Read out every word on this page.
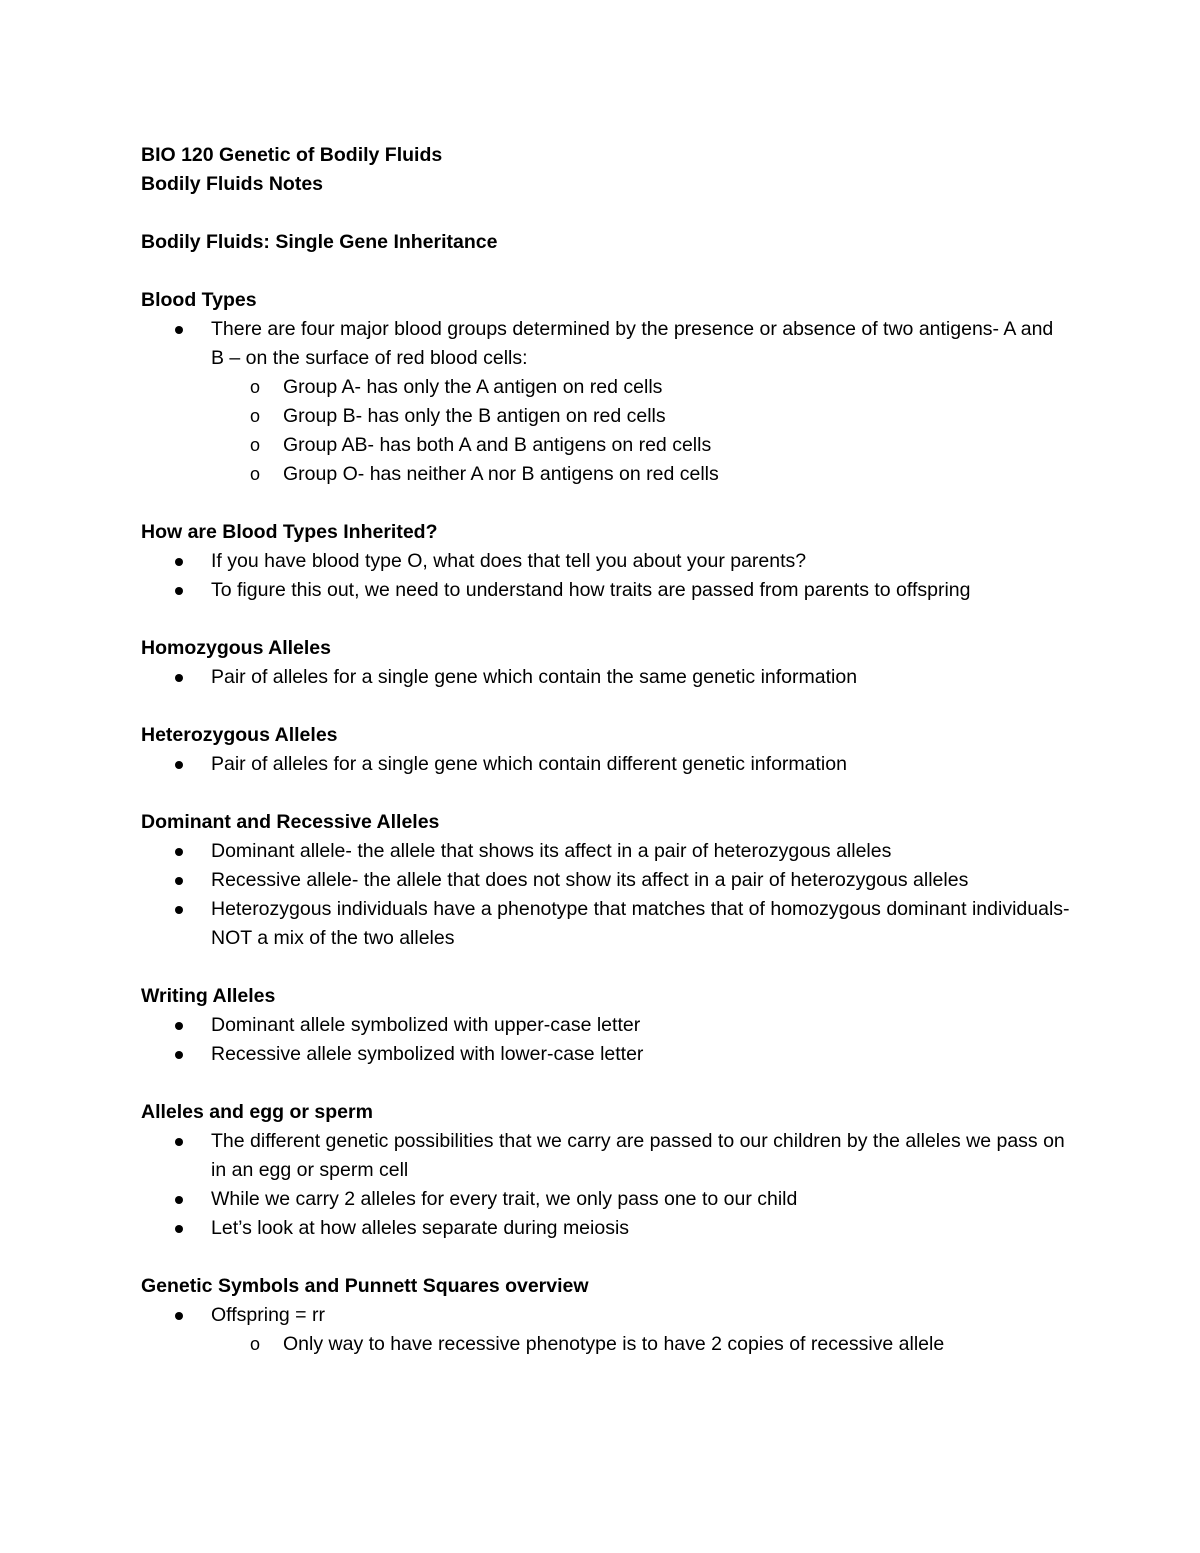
BIO 120 Genetic of Bodily Fluids
Bodily Fluids Notes
Bodily Fluids: Single Gene Inheritance
Blood Types
There are four major blood groups determined by the presence or absence of two antigens- A and B – on the surface of red blood cells:
o Group A- has only the A antigen on red cells
o Group B- has only the B antigen on red cells
o Group AB- has both A and B antigens on red cells
o Group O- has neither A nor B antigens on red cells
How are Blood Types Inherited?
If you have blood type O, what does that tell you about your parents?
To figure this out, we need to understand how traits are passed from parents to offspring
Homozygous Alleles
Pair of alleles for a single gene which contain the same genetic information
Heterozygous Alleles
Pair of alleles for a single gene which contain different genetic information
Dominant and Recessive Alleles
Dominant allele- the allele that shows its affect in a pair of heterozygous alleles
Recessive allele- the allele that does not show its affect in a pair of heterozygous alleles
Heterozygous individuals have a phenotype that matches that of homozygous dominant individuals- NOT a mix of the two alleles
Writing Alleles
Dominant allele symbolized with upper-case letter
Recessive allele symbolized with lower-case letter
Alleles and egg or sperm
The different genetic possibilities that we carry are passed to our children by the alleles we pass on in an egg or sperm cell
While we carry 2 alleles for every trait, we only pass one to our child
Let’s look at how alleles separate during meiosis
Genetic Symbols and Punnett Squares overview
Offspring = rr
o Only way to have recessive phenotype is to have 2 copies of recessive allele
